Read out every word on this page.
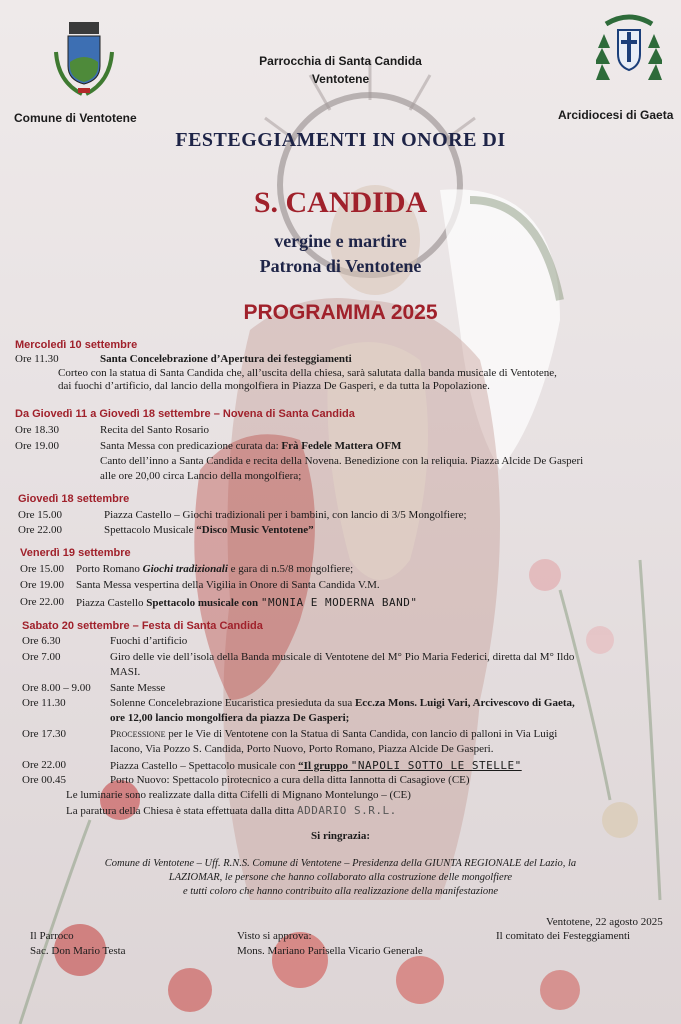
Parrocchia di Santa Candida
Ventotene
Comune di Ventotene	Arcidiocesi di Gaeta
FESTEGGIAMENTI IN ONORE DI
S. CANDIDA
vergine e martire
Patrona di Ventotene
PROGRAMMA 2025
Mercoledì 10 settembre
Ore 11.30	Santa Concelebrazione d’Apertura dei festeggiamenti
Corteo con la statua di Santa Candida che, all’uscita della chiesa, sarà salutata dalla banda musicale di Ventotene,
dai fuochi d’artificio, dal lancio della mongolfiera in Piazza De Gasperi, e da tutta la Popolazione.
Da Giovedì 11 a Giovedì 18 settembre – Novena di Santa Candida
Ore 18.30	Recita del Santo Rosario
Ore 19.00	Santa Messa con predicazione curata da: Frà Fedele Mattera OFM
Canto dell’inno a Santa Candida e recita della Novena. Benedizione con la reliquia. Piazza Alcide De Gasperi
alle ore 20,00 circa Lancio della mongolfiera;
Giovedì 18 settembre
Ore 15.00	Piazza Castello – Giochi tradizionali per i bambini, con lancio di 3/5 Mongolfiere;
Ore 22.00	Spettacolo Musicale “Disco Music Ventotene”
Venerdì 19 settembre
Ore 15.00 Porto Romano Giochi tradizionali e gara di n.5/8 mongolfiere;
Ore 19.00 Santa Messa vespertina della Vigilia in Onore di Santa Candida V.M.
Ore 22.00 Piazza Castello Spettacolo musicale con "MONIA E MODERNA BAND"
Sabato 20 settembre – Festa di Santa Candida
Ore 6.30	Fuochi d’artificio
Ore 7.00	Giro delle vie dell’isola della Banda musicale di Ventotene del M° Pio Maria Federici, diretta dal M° Ildo
MASI.
Ore 8.00 – 9.00 Sante Messe
Ore 11.30	Solenne Concelebrazione Eucaristica presieduta da sua Ecc.za Mons. Luigi Vari, Arcivescovo di Gaeta,
ore 12,00 lancio mongolfiera da piazza De Gasperi;
Ore 17.30	Processione per le Vie di Ventotene con la Statua di Santa Candida, con lancio di palloni in Via Luigi
Iacono, Via Pozzo S. Candida, Porto Nuovo, Porto Romano, Piazza Alcide De Gasperi.
Ore 22.00	Piazza Castello – Spettacolo musicale con “Il gruppo "NAPOLI SOTTO LE STELLE"
Ore 00.45	Porto Nuovo: Spettacolo pirotecnico a cura della ditta Iannotta di Casagiove (CE)
Le luminarie sono realizzate dalla ditta Cifelli di Mignano Montelungo – (CE)
La paratura della Chiesa è stata effettuata dalla ditta ADDARIO S.R.L.
Si ringrazia:
Comune di Ventotene – Uff. R.N.S. Comune di Ventotene – Presidenza della GIUNTA REGIONALE del Lazio, la
LAZIOMAR, le persone che hanno collaborato alla costruzione delle mongolfiere
e tutti coloro che hanno contribuito alla realizzazione della manifestazione
Ventotene, 22 agosto 2025
Il Parroco
Sac. Don Mario Testa
Visto si approva:
Mons. Mariano Parisella Vicario Generale
Il comitato dei Festeggiamenti
